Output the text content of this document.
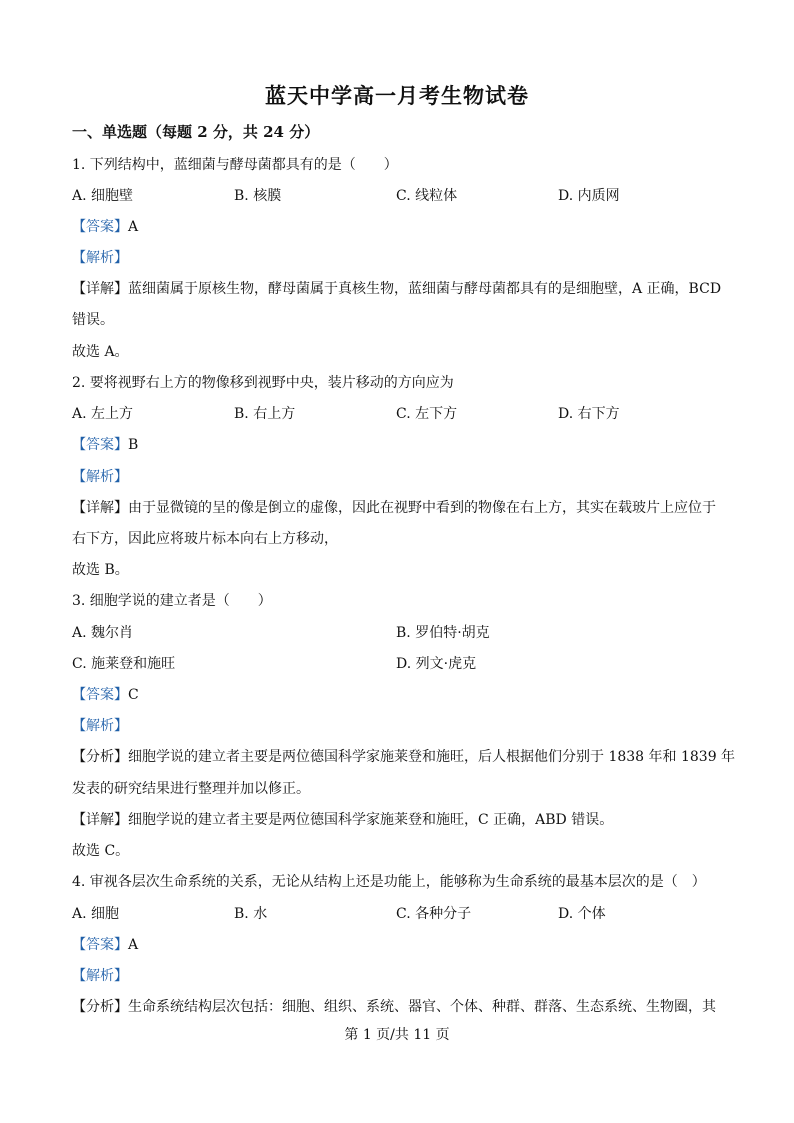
蓝天中学高一月考生物试卷
一、单选题（每题 2 分，共 24 分）
1. 下列结构中，蓝细菌与酵母菌都具有的是（　　）
A. 细胞壁	B. 核膜	C. 线粒体	D. 内质网
【答案】A
【解析】
【详解】蓝细菌属于原核生物，酵母菌属于真核生物，蓝细菌与酵母菌都具有的是细胞壁，A 正确，BCD
错误。
故选 A。
2. 要将视野右上方的物像移到视野中央，装片移动的方向应为
A. 左上方	B. 右上方	C. 左下方	D. 右下方
【答案】B
【解析】
【详解】由于显微镜的呈的像是倒立的虚像，因此在视野中看到的物像在右上方，其实在载玻片上应位于
右下方，因此应将玻片标本向右上方移动，
故选 B。
3. 细胞学说的建立者是（　　）
A. 魏尔肖	B. 罗伯特·胡克
C. 施莱登和施旺	D. 列文·虎克
【答案】C
【解析】
【分析】细胞学说的建立者主要是两位德国科学家施莱登和施旺，后人根据他们分别于 1838 年和 1839 年
发表的研究结果进行整理并加以修正。
【详解】细胞学说的建立者主要是两位德国科学家施莱登和施旺，C 正确，ABD 错误。
故选 C。
4. 审视各层次生命系统的关系，无论从结构上还是功能上，能够称为生命系统的最基本层次的是（　）
A. 细胞	B. 水	C. 各种分子	D. 个体
【答案】A
【解析】
【分析】生命系统结构层次包括：细胞、组织、系统、器官、个体、种群、群落、生态系统、生物圈，其
第 1 页/共 11 页
